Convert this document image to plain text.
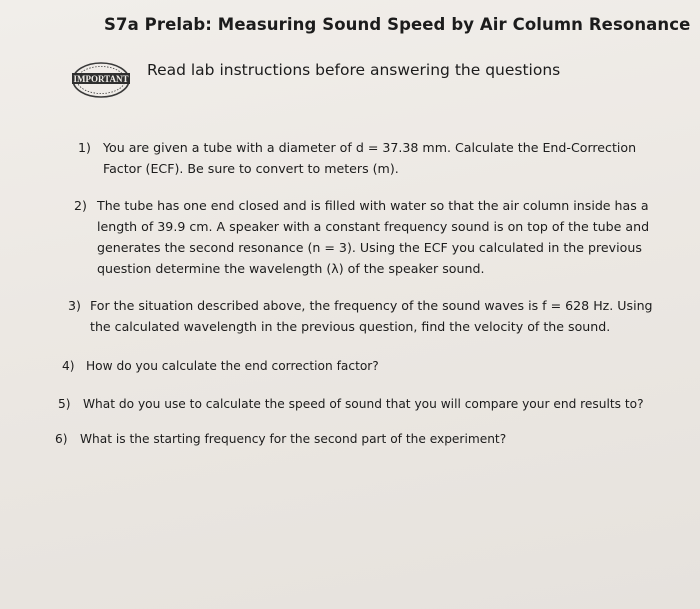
S7a Prelab: Measuring Sound Speed by Air Column Resonance
IMPORTANT Read lab instructions before answering the questions
1) You are given a tube with a diameter of d = 37.38 mm. Calculate the End-Correction
Factor (ECF). Be sure to convert to meters (m).
2) The tube has one end closed and is filled with water so that the air column inside has a
length of 39.9 cm. A speaker with a constant frequency sound is on top of the tube and
generates the second resonance (n = 3). Using the ECF you calculated in the previous
question determine the wavelength (λ) of the speaker sound.
3) For the situation described above, the frequency of the sound waves is f = 628 Hz. Using
the calculated wavelength in the previous question, find the velocity of the sound.
4) How do you calculate the end correction factor?
5) What do you use to calculate the speed of sound that you will compare your end results to?
6) What is the starting frequency for the second part of the experiment?
